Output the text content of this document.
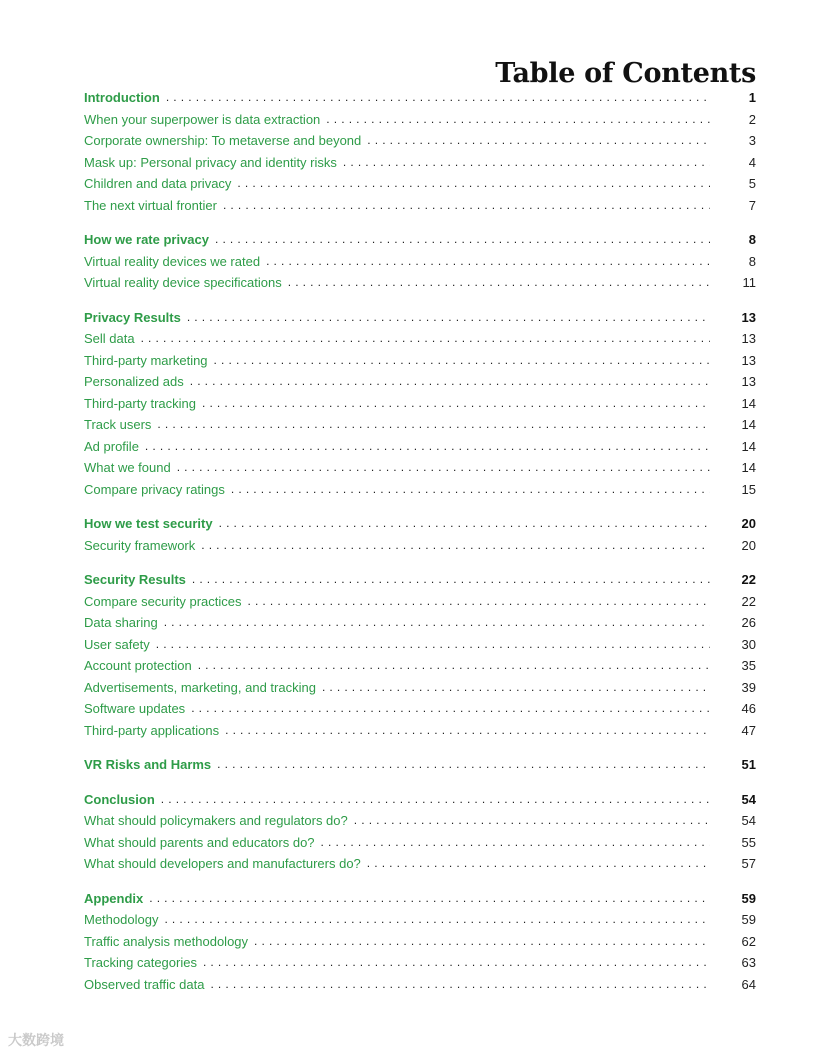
Table of Contents
Introduction . . .	1
When your superpower is data extraction . . .	2
Corporate ownership: To metaverse and beyond . . .	3
Mask up: Personal privacy and identity risks . . .	4
Children and data privacy . . .	5
The next virtual frontier . . .	7
How we rate privacy . . .	8
Virtual reality devices we rated . . .	8
Virtual reality device specifications . . .	11
Privacy Results . . .	13
Sell data . . .	13
Third-party marketing . . .	13
Personalized ads . . .	13
Third-party tracking . . .	14
Track users . . .	14
Ad profile . . .	14
What we found . . .	14
Compare privacy ratings . . .	15
How we test security . . .	20
Security framework . . .	20
Security Results . . .	22
Compare security practices . . .	22
Data sharing . . .	26
User safety . . .	30
Account protection . . .	35
Advertisements, marketing, and tracking . . .	39
Software updates . . .	46
Third-party applications . . .	47
VR Risks and Harms . . .	51
Conclusion . . .	54
What should policymakers and regulators do? . . .	54
What should parents and educators do? . . .	55
What should developers and manufacturers do? . . .	57
Appendix . . .	59
Methodology . . .	59
Traffic analysis methodology . . .	62
Tracking categories . . .	63
Observed traffic data . . .	64
大数跨境
